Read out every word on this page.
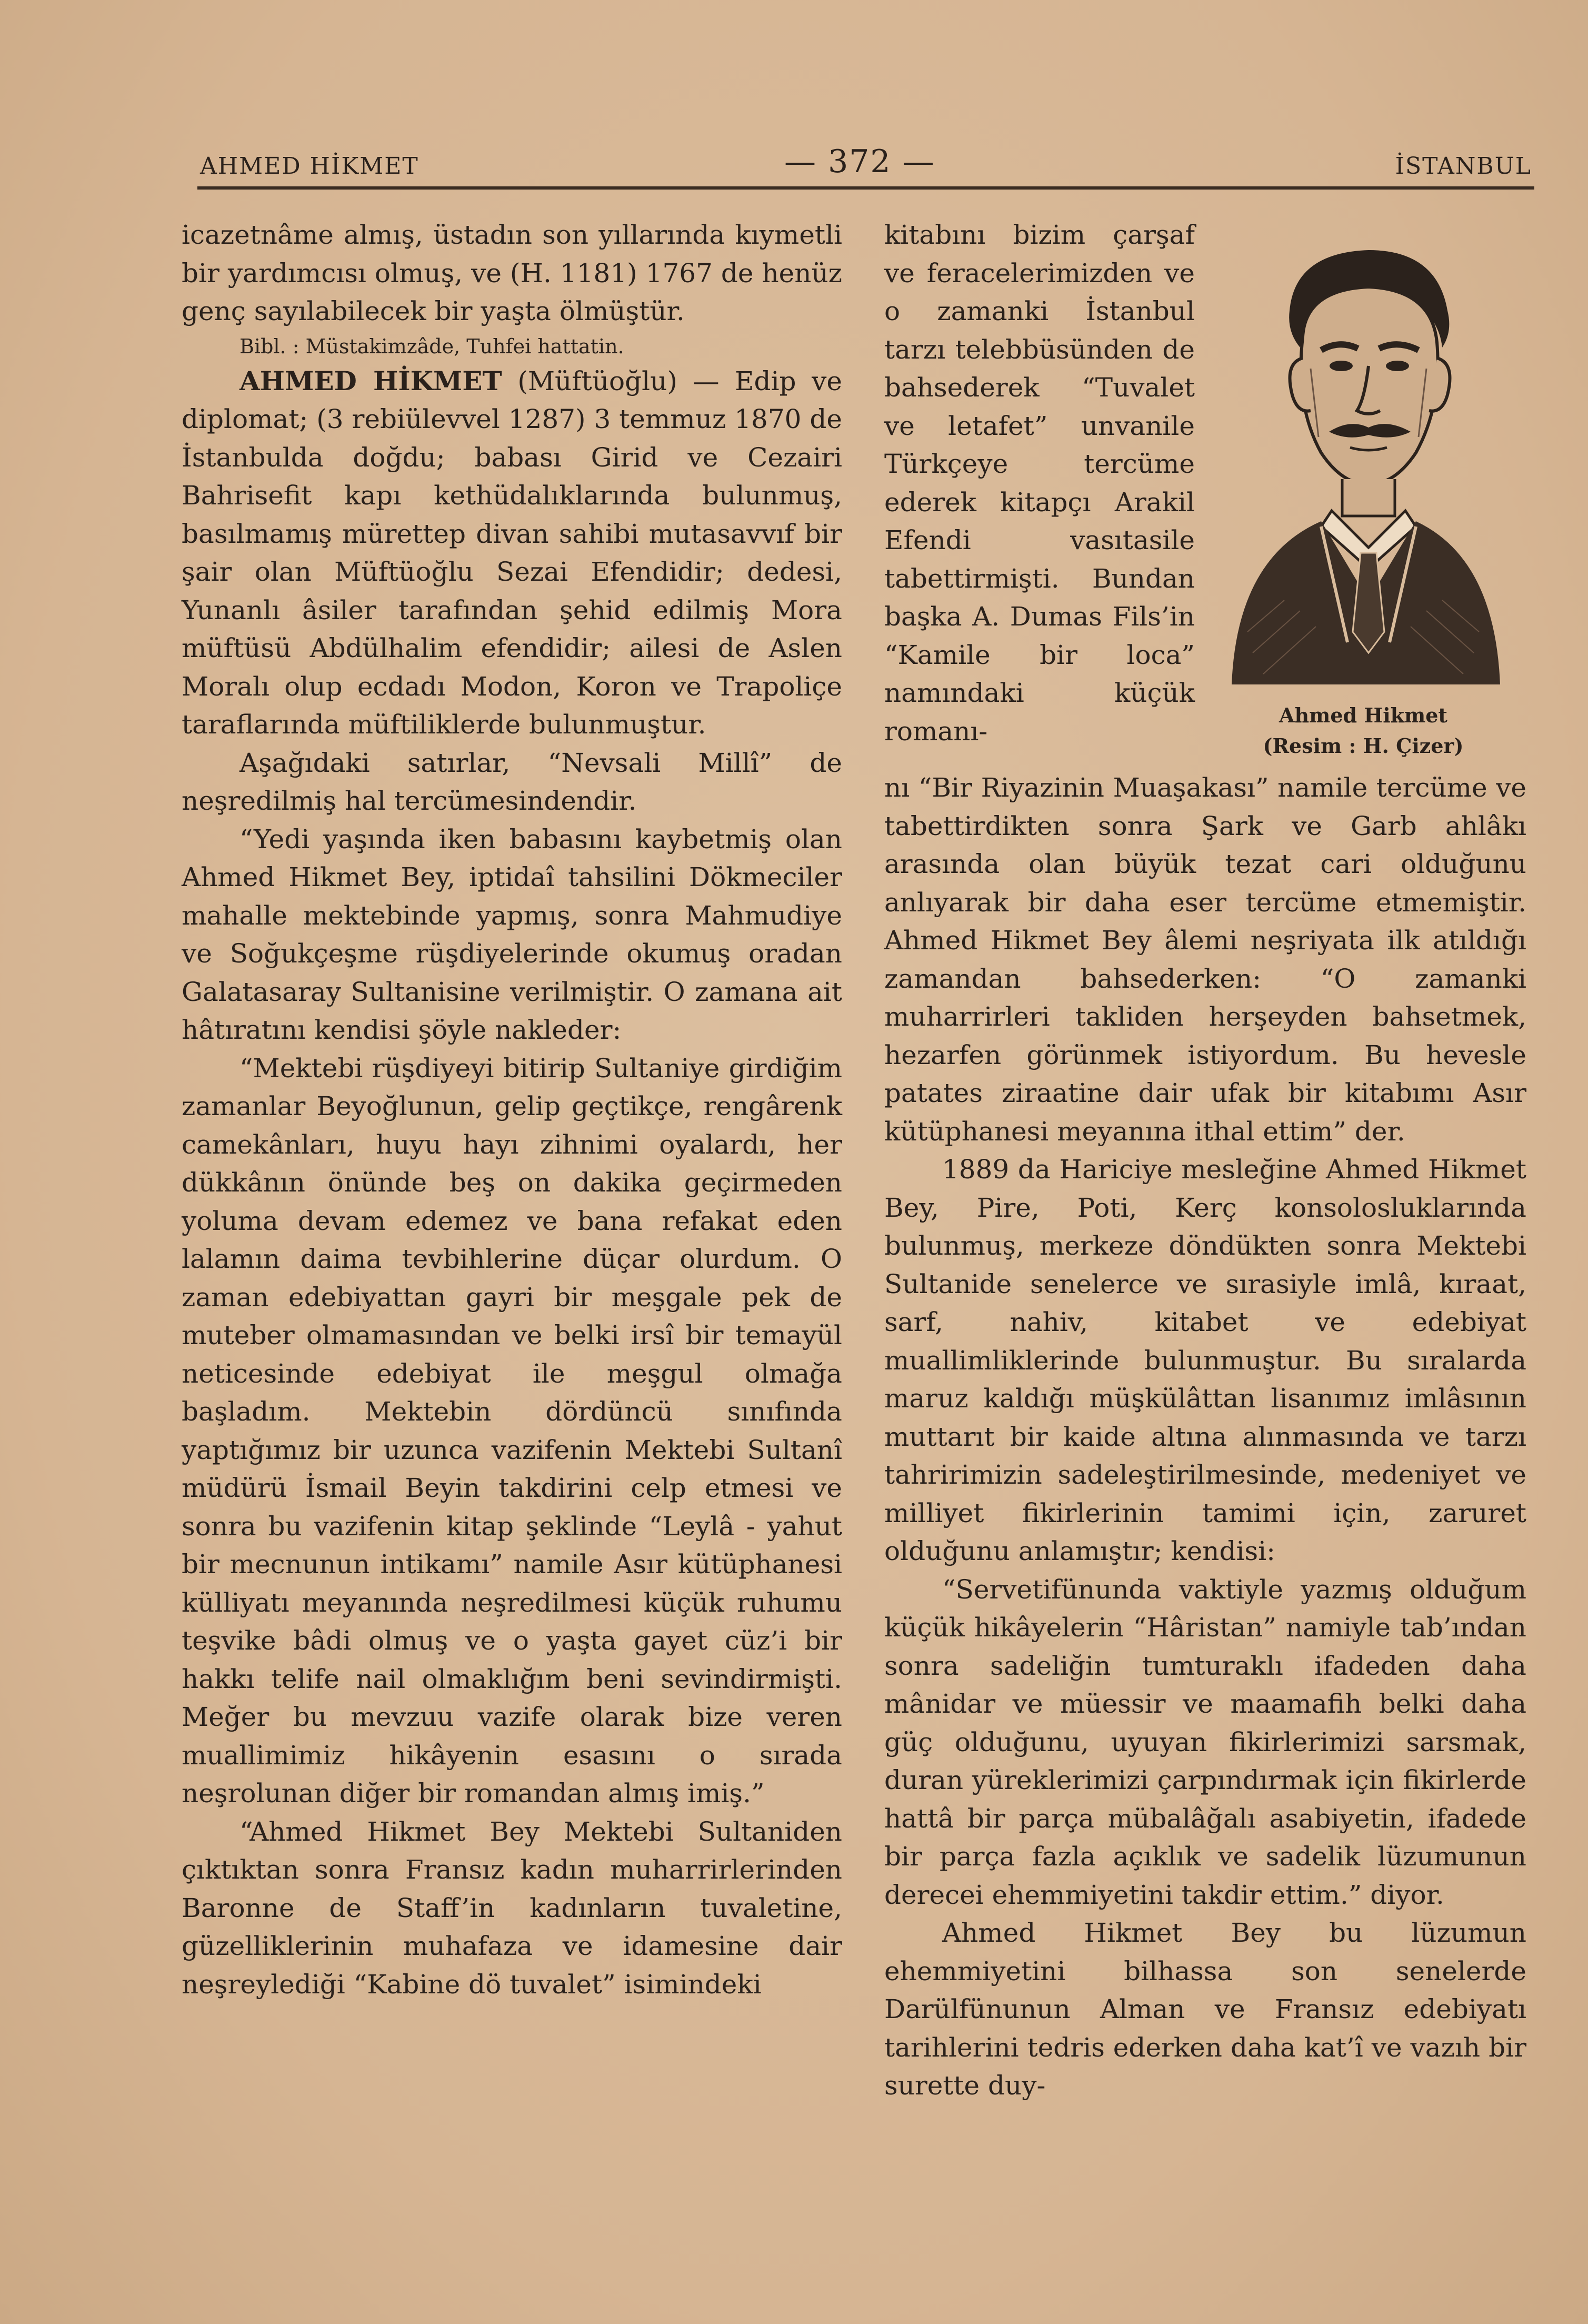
AHMED HİKMET	— 372 —	İSTANBUL

icazetnâme almış, üstadın son yıllarında kıymetli bir yardımcısı olmuş, ve (H. 1181) 1767 de henüz genç sayılabilecek bir yaşta ölmüştür.

Bibl. : Müstakimzâde, Tuhfei hattatin.

AHMED HİKMET (Müftüoğlu) — Edip ve diplomat; (3 rebiülevvel 1287) 3 temmuz 1870 de İstanbulda doğdu; babası Girid ve Cezairi Bahrisefit kapı kethüdalıklarında bulunmuş, basılmamış mürettep divan sahibi mutasavvıf bir şair olan Müftüoğlu Sezai Efendidir; dedesi, Yunanlı âsiler tarafından şehid edilmiş Mora müftüsü Abdülhalim efendidir; ailesi de Aslen Moralı olup ecdadı Modon, Koron ve Trapoliçe taraflarında müftiliklerde bulunmuştur.

Aşağıdaki satırlar, “Nevsali Millî” de neşredilmiş hal tercümesindendir.

“Yedi yaşında iken babasını kaybetmiş olan Ahmed Hikmet Bey, iptidaî tahsilini Dökmeciler mahalle mektebinde yapmış, sonra Mahmudiye ve Soğukçeşme rüşdiyelerinde okumuş oradan Galatasaray Sultanisine verilmiştir. O zamana ait hâtıratını kendisi şöyle nakleder:

“Mektebi rüşdiyeyi bitirip Sultaniye girdiğim zamanlar Beyoğlunun, gelip geçtikçe, rengârenk camekânları, huyu hayı zihnimi oyalardı, her dükkânın önünde beş on dakika geçirmeden yoluma devam edemez ve bana refakat eden lalamın daima tevbihlerine düçar olurdum. O zaman edebiyattan gayri bir meşgale pek de muteber olmamasından ve belki irsî bir temayül neticesinde edebiyat ile meşgul olmağa başladım. Mektebin dördüncü sınıfında yaptığımız bir uzunca vazifenin Mektebi Sultanî müdürü İsmail Beyin takdirini celp etmesi ve sonra bu vazifenin kitap şeklinde “Leylâ - yahut bir mecnunun intikamı” namile Asır kütüphanesi külliyatı meyanında neşredilmesi küçük ruhumu teşvike bâdi olmuş ve o yaşta gayet cüz’i bir hakkı telife nail olmaklığım beni sevindirmişti. Meğer bu mevzuu vazife olarak bize veren muallimimiz hikâyenin esasını o sırada neşrolunan diğer bir romandan almış imiş.”

“Ahmed Hikmet Bey Mektebi Sultaniden çıktıktan sonra Fransız kadın muharrirlerinden Baronne de Staff’in kadınların tuvaletine, güzelliklerinin muhafaza ve idamesine dair neşreylediği “Kabine dö tuvalet” isimindeki

kitabını bizim çarşaf ve feracelerimizden ve o zamanki İstanbul tarzı telebbüsünden de bahsederek “Tuvalet ve letafet” unvanile Türkçeye tercüme ederek kitapçı Arakil Efendi vasıtasile tabettirmişti. Bundan başka A. Dumas Fils’in “Kamile bir loca” namındaki küçük romanı-

Ahmed Hikmet
(Resim : H. Çizer)

nı “Bir Riyazinin Muaşakası” namile tercüme ve tabettirdikten sonra Şark ve Garb ahlâkı arasında olan büyük tezat cari olduğunu anlıyarak bir daha eser tercüme etmemiştir. Ahmed Hikmet Bey âlemi neşriyata ilk atıldığı zamandan bahsederken: “O zamanki muharrirleri takliden herşeyden bahsetmek, hezarfen görünmek istiyordum. Bu hevesle patates ziraatine dair ufak bir kitabımı Asır kütüphanesi meyanına ithal ettim” der.

1889 da Hariciye mesleğine Ahmed Hikmet Bey, Pire, Poti, Kerç konsolosluklarında bulunmuş, merkeze döndükten sonra Mektebi Sultanide senelerce ve sırasiyle imlâ, kıraat, sarf, nahiv, kitabet ve edebiyat muallimliklerinde bulunmuştur. Bu sıralarda maruz kaldığı müşkülâttan lisanımız imlâsının muttarıt bir kaide altına alınmasında ve tarzı tahririmizin sadeleştirilmesinde, medeniyet ve milliyet fikirlerinin tamimi için, zaruret olduğunu anlamıştır; kendisi:

“Servetifünunda vaktiyle yazmış olduğum küçük hikâyelerin “Hâristan” namiyle tab’ından sonra sadeliğin tumturaklı ifadeden daha mânidar ve müessir ve maamafih belki daha güç olduğunu, uyuyan fikirlerimizi sarsmak, duran yüreklerimizi çarpındırmak için fikirlerde hattâ bir parça mübalâğalı asabiyetin, ifadede bir parça fazla açıklık ve sadelik lüzumunun derecei ehemmiyetini takdir ettim.” diyor.

Ahmed Hikmet Bey bu lüzumun ehemmiyetini bilhassa son senelerde Darülfünunun Alman ve Fransız edebiyatı tarihlerini tedris ederken daha kat’î ve vazıh bir surette duy-
